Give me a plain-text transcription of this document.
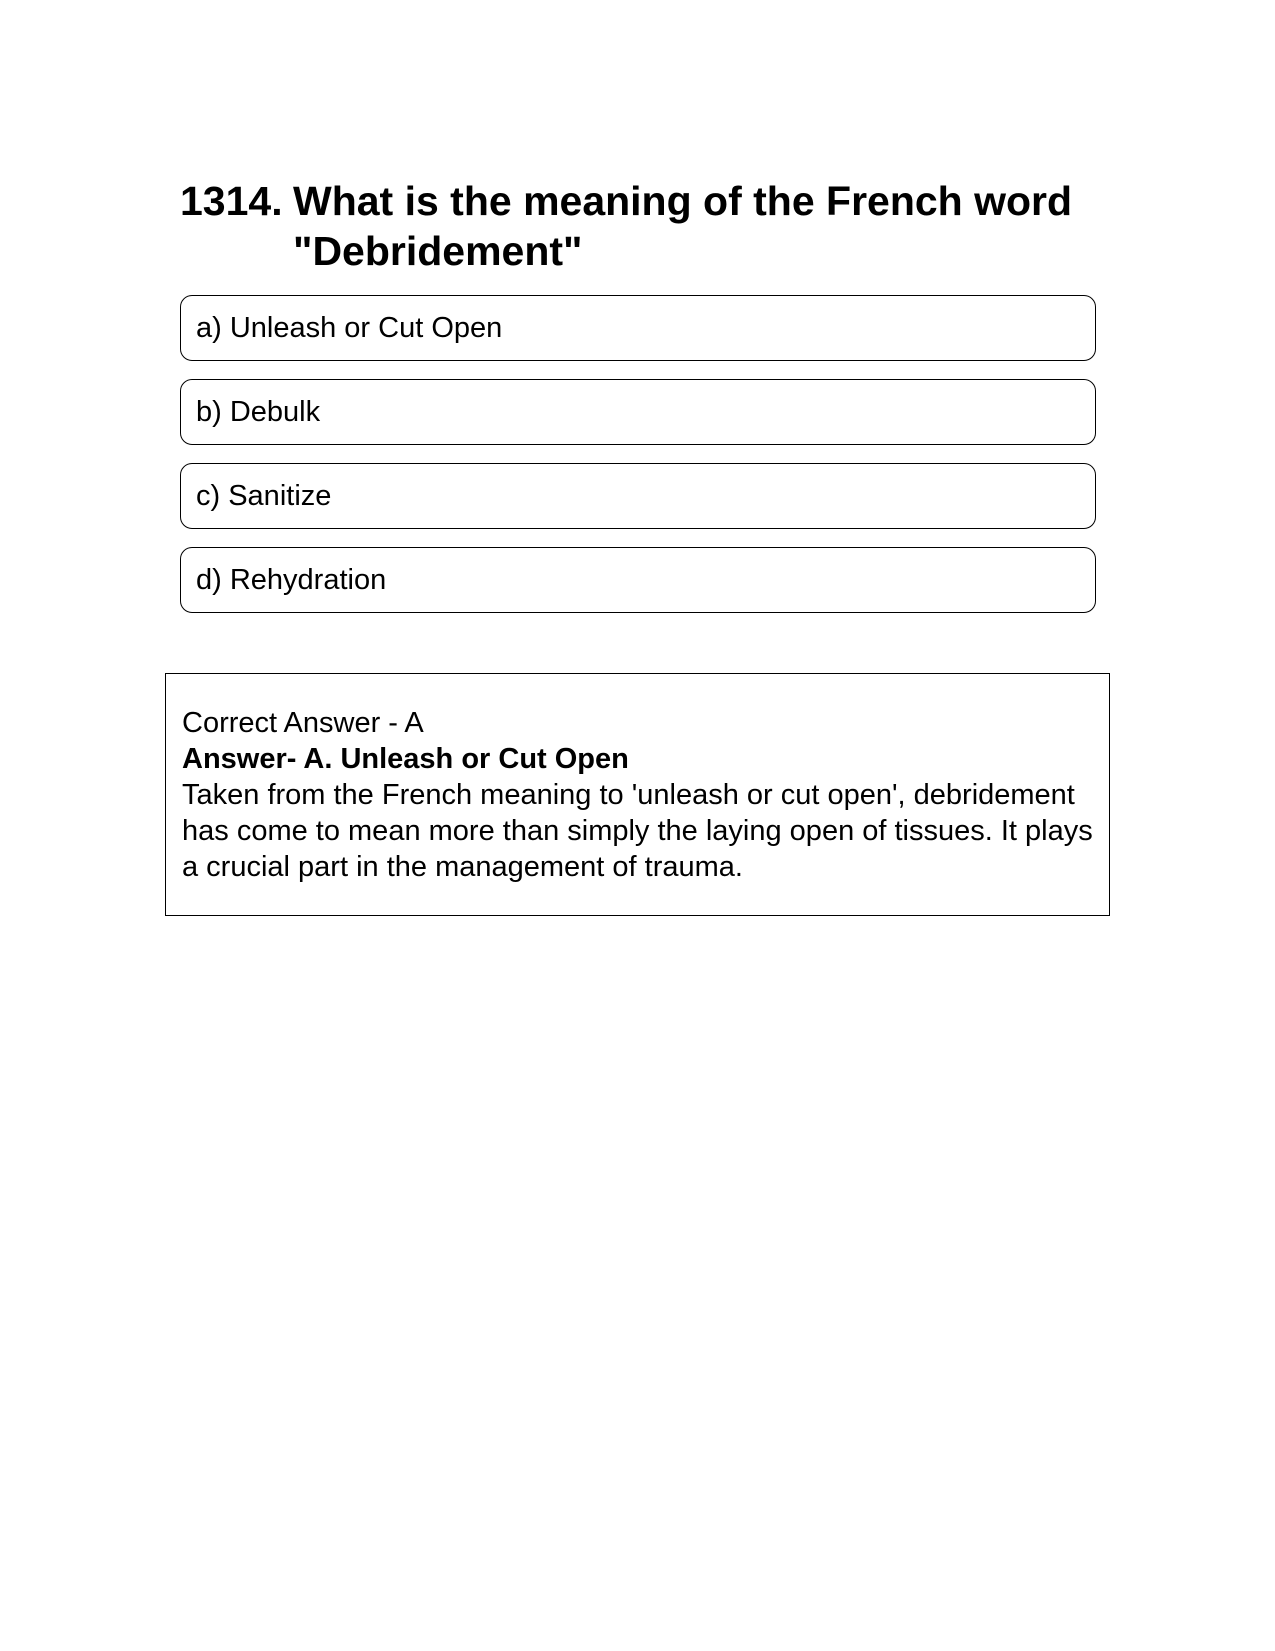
1314. What is the meaning of the French word "Debridement"
a) Unleash or Cut Open
b) Debulk
c) Sanitize
d) Rehydration
Correct Answer - A
Answer- A. Unleash or Cut Open
Taken from the French meaning to 'unleash or cut open', debridement has come to mean more than simply the laying open of tissues. It plays a crucial part in the management of trauma.
